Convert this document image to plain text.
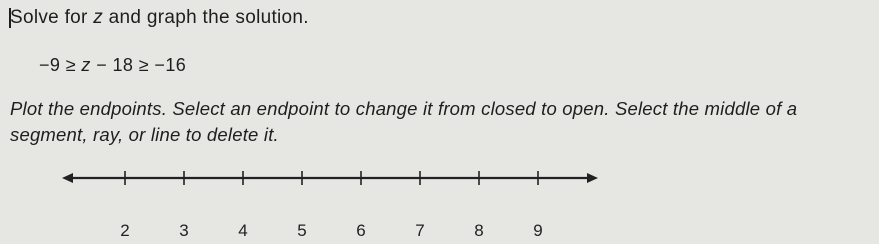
Solve for z and graph the solution.
−9 ≥ z − 18 ≥ −16
Plot the endpoints. Select an endpoint to change it from closed to open. Select the middle of a segment, ray, or line to delete it.
2	3	4	5	6	7	8	9
